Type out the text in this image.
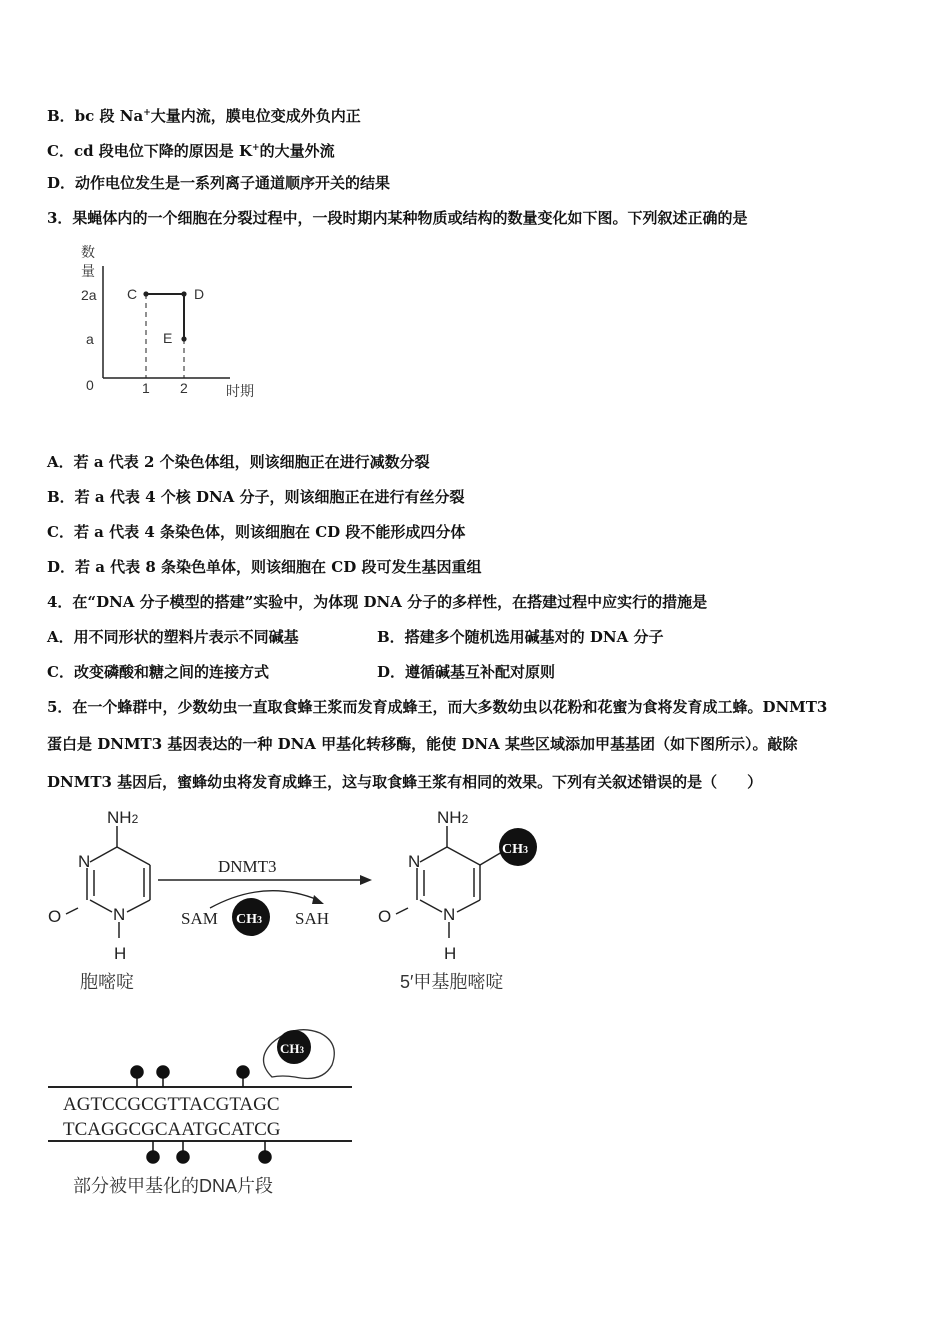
B．bc 段 Na+大量内流，膜电位变成外负内正
C．cd 段电位下降的原因是 K+的大量外流
D．动作电位发生是一系列离子通道顺序开关的结果
3．果蝇体内的一个细胞在分裂过程中，一段时期内某种物质或结构的数量变化如下图。下列叙述正确的是
数
量
2a
a
0	1 2	时期
C	D
E
A．若 a 代表 2 个染色体组，则该细胞正在进行减数分裂
B．若 a 代表 4 个核 DNA 分子，则该细胞正在进行有丝分裂
C．若 a 代表 4 条染色体，则该细胞在 CD 段不能形成四分体
D．若 a 代表 8 条染色单体，则该细胞在 CD 段可发生基因重组
4．在“DNA 分子模型的搭建”实验中，为体现 DNA 分子的多样性，在搭建过程中应实行的措施是
A．用不同形状的塑料片表示不同碱基	B．搭建多个随机选用碱基对的 DNA 分子
C．改变磷酸和糖之间的连接方式	D．遵循碱基互补配对原则
5．在一个蜂群中，少数幼虫一直取食蜂王浆而发育成蜂王，而大多数幼虫以花粉和花蜜为食将发育成工蜂。DNMT3
蛋白是 DNMT3 基因表达的一种 DNA 甲基化转移酶，能使 DNA 某些区域添加甲基基团（如下图所示）。敲除
DNMT3 基因后，蜜蜂幼虫将发育成蜂王，这与取食蜂王浆有相同的效果。下列有关叙述错误的是（　　）
NH2
N
O	N
H
胞嘧啶
DNMT3
SAM CH3 SAH
CH3
NH2
N
O	N
H
5′甲基胞嘧啶
CH3
AGTCCGCGTTACGTAGC
TCAGGCGCAATGCATCG
部分被甲基化的DNA片段
